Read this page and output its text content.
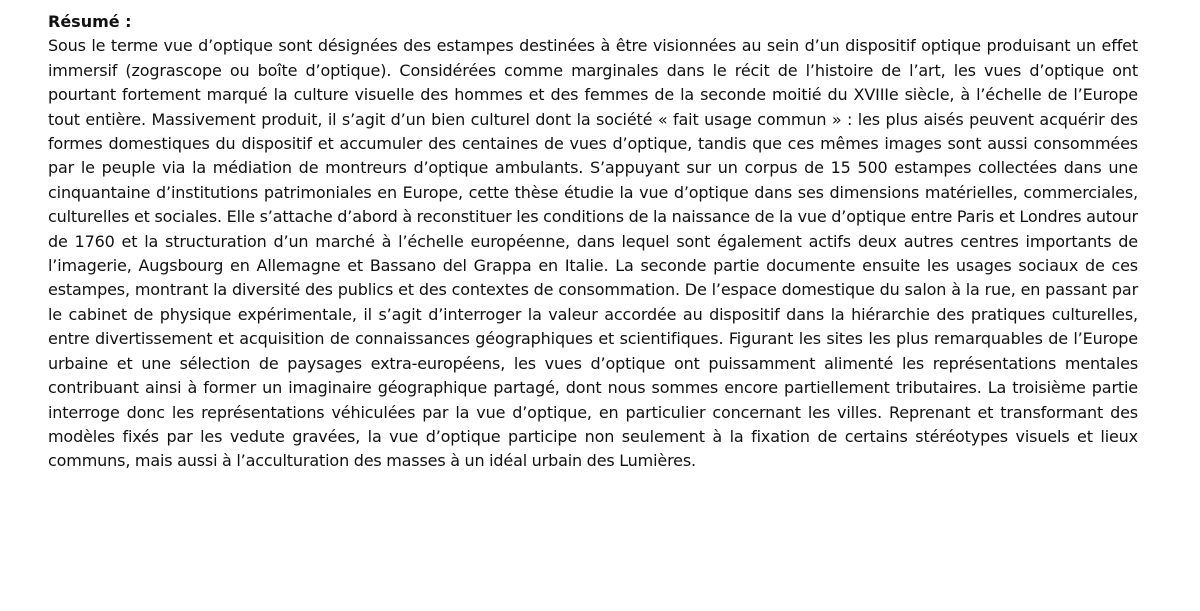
Résumé :

Sous le terme vue d’optique sont désignées des estampes destinées à être visionnées au sein d’un dispositif optique produisant un effet immersif (zograscope ou boîte d’optique). Considérées comme marginales dans le récit de l’histoire de l’art, les vues d’optique ont pourtant fortement marqué la culture visuelle des hommes et des femmes de la seconde moitié du XVIIIe siècle, à l’échelle de l’Europe tout entière. Massivement produit, il s’agit d’un bien culturel dont la société « fait usage commun » : les plus aisés peuvent acquérir des formes domestiques du dispositif et accumuler des centaines de vues d’optique, tandis que ces mêmes images sont aussi consommées par le peuple via la médiation de montreurs d’optique ambulants. S’appuyant sur un corpus de 15 500 estampes collectées dans une cinquantaine d’institutions patrimoniales en Europe, cette thèse étudie la vue d’optique dans ses dimensions matérielles, commerciales, culturelles et sociales. Elle s’attache d’abord à reconstituer les conditions de la naissance de la vue d’optique entre Paris et Londres autour de 1760 et la structuration d’un marché à l’échelle européenne, dans lequel sont également actifs deux autres centres importants de l’imagerie, Augsbourg en Allemagne et Bassano del Grappa en Italie. La seconde partie documente ensuite les usages sociaux de ces estampes, montrant la diversité des publics et des contextes de consommation. De l’espace domestique du salon à la rue, en passant par le cabinet de physique expérimentale, il s’agit d’interroger la valeur accordée au dispositif dans la hiérarchie des pratiques culturelles, entre divertissement et acquisition de connaissances géographiques et scientifiques. Figurant les sites les plus remarquables de l’Europe urbaine et une sélection de paysages extra-européens, les vues d’optique ont puissamment alimenté les représentations mentales contribuant ainsi à former un imaginaire géographique partagé, dont nous sommes encore partiellement tributaires. La troisième partie interroge donc les représentations véhiculées par la vue d’optique, en particulier concernant les villes. Reprenant et transformant des modèles fixés par les vedute gravées, la vue d’optique participe non seulement à la fixation de certains stéréotypes visuels et lieux communs, mais aussi à l’acculturation des masses à un idéal urbain des Lumières.
